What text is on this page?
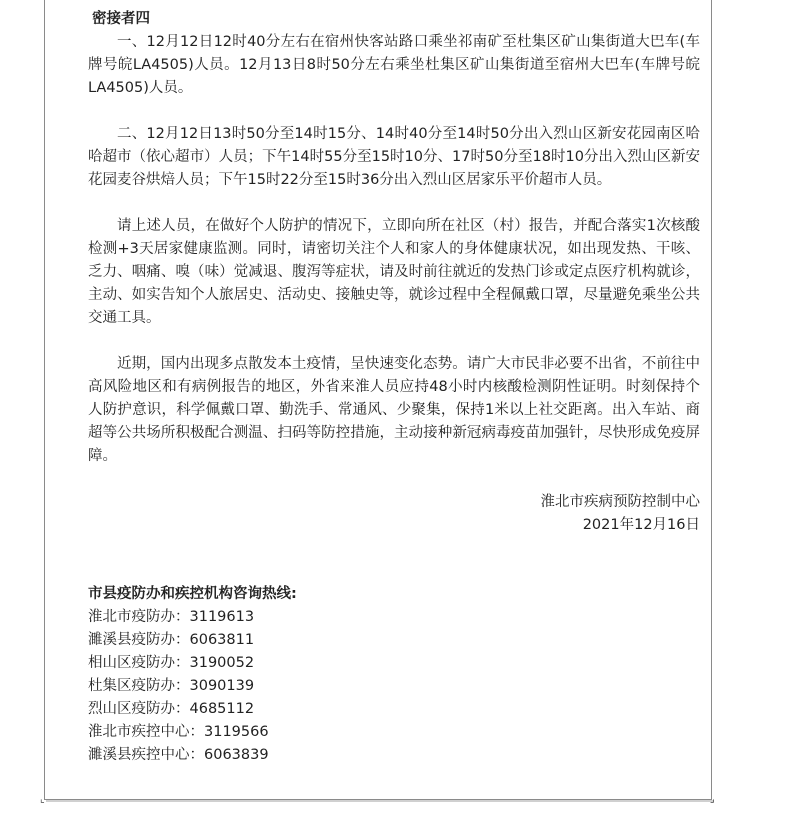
⌞	⌟
密接者四

一、12月12日12时40分左右在宿州快客站路口乘坐祁南矿至杜集区矿山集街道大巴车(车牌号皖LA4505)人员。12月13日8时50分左右乘坐杜集区矿山集街道至宿州大巴车(车牌号皖LA4505)人员。

二、12月12日13时50分至14时15分、14时40分至14时50分出入烈山区新安花园南区哈哈超市（依心超市）人员；下午14时55分至15时10分、17时50分至18时10分出入烈山区新安花园麦谷烘焙人员；下午15时22分至15时36分出入烈山区居家乐平价超市人员。

请上述人员，在做好个人防护的情况下，立即向所在社区（村）报告，并配合落实1次核酸检测+3天居家健康监测。同时，请密切关注个人和家人的身体健康状况，如出现发热、干咳、乏力、咽痛、嗅（味）觉减退、腹泻等症状，请及时前往就近的发热门诊或定点医疗机构就诊，主动、如实告知个人旅居史、活动史、接触史等，就诊过程中全程佩戴口罩，尽量避免乘坐公共交通工具。

近期，国内出现多点散发本土疫情，呈快速变化态势。请广大市民非必要不出省，不前往中高风险地区和有病例报告的地区，外省来淮人员应持48小时内核酸检测阴性证明。时刻保持个人防护意识，科学佩戴口罩、勤洗手、常通风、少聚集，保持1米以上社交距离。出入车站、商超等公共场所积极配合测温、扫码等防控措施，主动接种新冠病毒疫苗加强针，尽快形成免疫屏障。

淮北市疾病预防控制中心
2021年12月16日
市县疫防办和疾控机构咨询热线:
淮北市疫防办：3119613
濉溪县疫防办：6063811
相山区疫防办：3190052
杜集区疫防办：3090139
烈山区疫防办：4685112
淮北市疾控中心：3119566
濉溪县疾控中心：6063839
